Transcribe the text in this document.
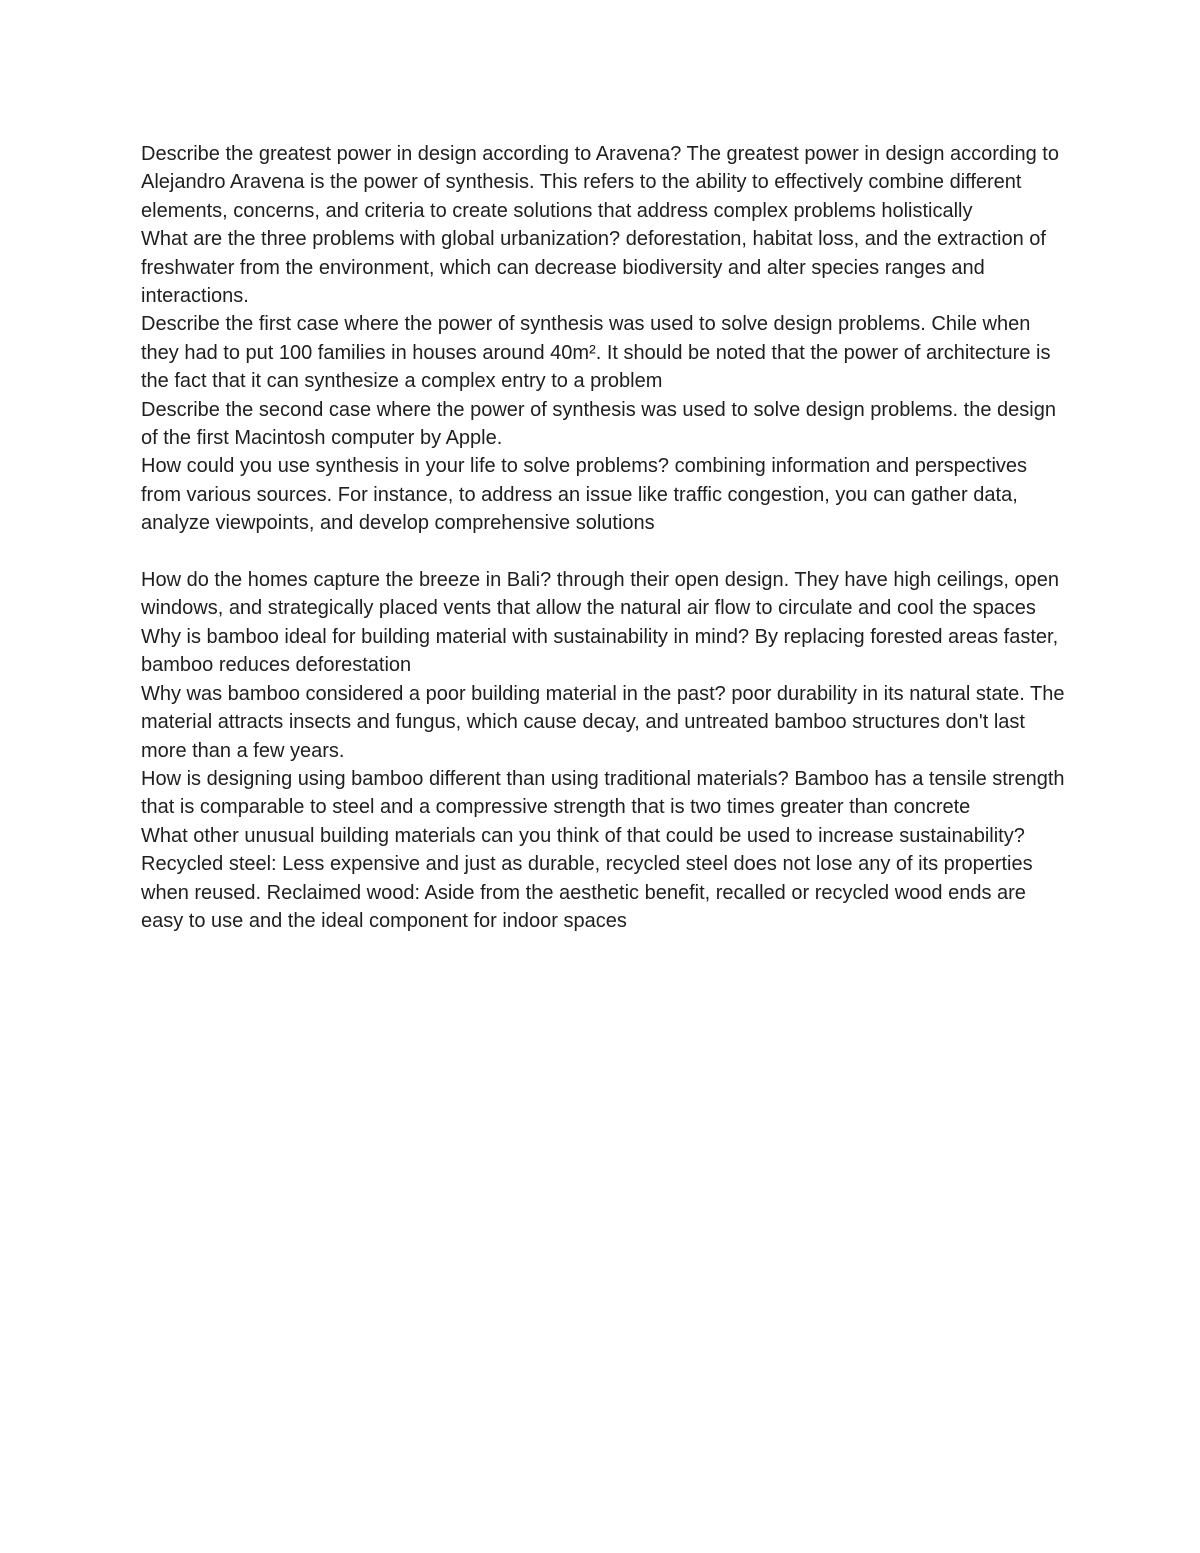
Describe the greatest power in design according to Aravena? The greatest power in design according to Alejandro Aravena is the power of synthesis. This refers to the ability to effectively combine different elements, concerns, and criteria to create solutions that address complex problems holistically

What are the three problems with global urbanization? deforestation, habitat loss, and the extraction of freshwater from the environment, which can decrease biodiversity and alter species ranges and interactions.

Describe the first case where the power of synthesis was used to solve design problems. Chile when they had to put 100 families in houses around 40m². It should be noted that the power of architecture is the fact that it can synthesize a complex entry to a problem

Describe the second case where the power of synthesis was used to solve design problems. the design of the first Macintosh computer by Apple.

How could you use synthesis in your life to solve problems? combining information and perspectives from various sources. For instance, to address an issue like traffic congestion, you can gather data, analyze viewpoints, and develop comprehensive solutions

How do the homes capture the breeze in Bali? through their open design. They have high ceilings, open windows, and strategically placed vents that allow the natural air flow to circulate and cool the spaces

Why is bamboo ideal for building material with sustainability in mind? By replacing forested areas faster, bamboo reduces deforestation

Why was bamboo considered a poor building material in the past? poor durability in its natural state. The material attracts insects and fungus, which cause decay, and untreated bamboo structures don't last more than a few years.

How is designing using bamboo different than using traditional materials? Bamboo has a tensile strength that is comparable to steel and a compressive strength that is two times greater than concrete

What other unusual building materials can you think of that could be used to increase sustainability? Recycled steel: Less expensive and just as durable, recycled steel does not lose any of its properties when reused. Reclaimed wood: Aside from the aesthetic benefit, recalled or recycled wood ends are easy to use and the ideal component for indoor spaces
